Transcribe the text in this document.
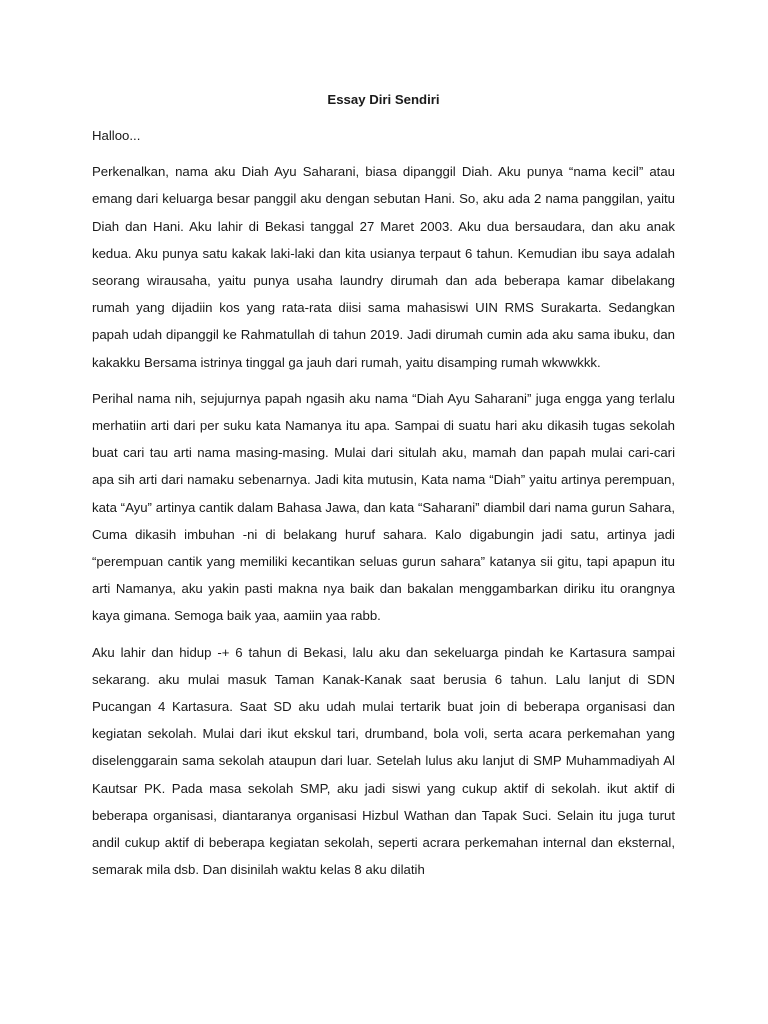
Essay Diri Sendiri
Halloo...

Perkenalkan, nama aku Diah Ayu Saharani, biasa dipanggil Diah. Aku punya “nama kecil” atau emang dari keluarga besar panggil aku dengan sebutan Hani. So, aku ada 2 nama panggilan, yaitu Diah dan Hani. Aku lahir di Bekasi tanggal 27 Maret 2003. Aku dua bersaudara, dan aku anak kedua. Aku punya satu kakak laki-laki dan kita usianya terpaut 6 tahun. Kemudian ibu saya adalah seorang wirausaha, yaitu punya usaha laundry dirumah dan ada beberapa kamar dibelakang rumah yang dijadiin kos yang rata-rata diisi sama mahasiswi UIN RMS Surakarta. Sedangkan papah udah dipanggil ke Rahmatullah di tahun 2019. Jadi dirumah cumin ada aku sama ibuku, dan kakakku Bersama istrinya tinggal ga jauh dari rumah, yaitu disamping rumah wkwwkkk.

Perihal nama nih, sejujurnya papah ngasih aku nama “Diah Ayu Saharani” juga engga yang terlalu merhatiin arti dari per suku kata Namanya itu apa. Sampai di suatu hari aku dikasih tugas sekolah buat cari tau arti nama masing-masing. Mulai dari situlah aku, mamah dan papah mulai cari-cari apa sih arti dari namaku sebenarnya. Jadi kita mutusin, Kata nama “Diah” yaitu artinya perempuan, kata “Ayu” artinya cantik dalam Bahasa Jawa, dan kata “Saharani” diambil dari nama gurun Sahara, Cuma dikasih imbuhan -ni di belakang huruf sahara. Kalo digabungin jadi satu, artinya jadi “perempuan cantik yang memiliki kecantikan seluas gurun sahara” katanya sii gitu, tapi apapun itu arti Namanya, aku yakin pasti makna nya baik dan bakalan menggambarkan diriku itu orangnya kaya gimana. Semoga baik yaa, aamiin yaa rabb.

Aku lahir dan hidup -+ 6 tahun di Bekasi, lalu aku dan sekeluarga pindah ke Kartasura sampai sekarang. aku mulai masuk Taman Kanak-Kanak saat berusia 6 tahun. Lalu lanjut di SDN Pucangan 4 Kartasura. Saat SD aku udah mulai tertarik buat join di beberapa organisasi dan kegiatan sekolah. Mulai dari ikut ekskul tari, drumband, bola voli, serta acara perkemahan yang diselenggarain sama sekolah ataupun dari luar. Setelah lulus aku lanjut di SMP Muhammadiyah Al Kautsar PK. Pada masa sekolah SMP, aku jadi siswi yang cukup aktif di sekolah. ikut aktif di beberapa organisasi, diantaranya organisasi Hizbul Wathan dan Tapak Suci. Selain itu juga turut andil cukup aktif di beberapa kegiatan sekolah, seperti acrara perkemahan internal dan eksternal, semarak mila dsb. Dan disinilah waktu kelas 8 aku dilatih
